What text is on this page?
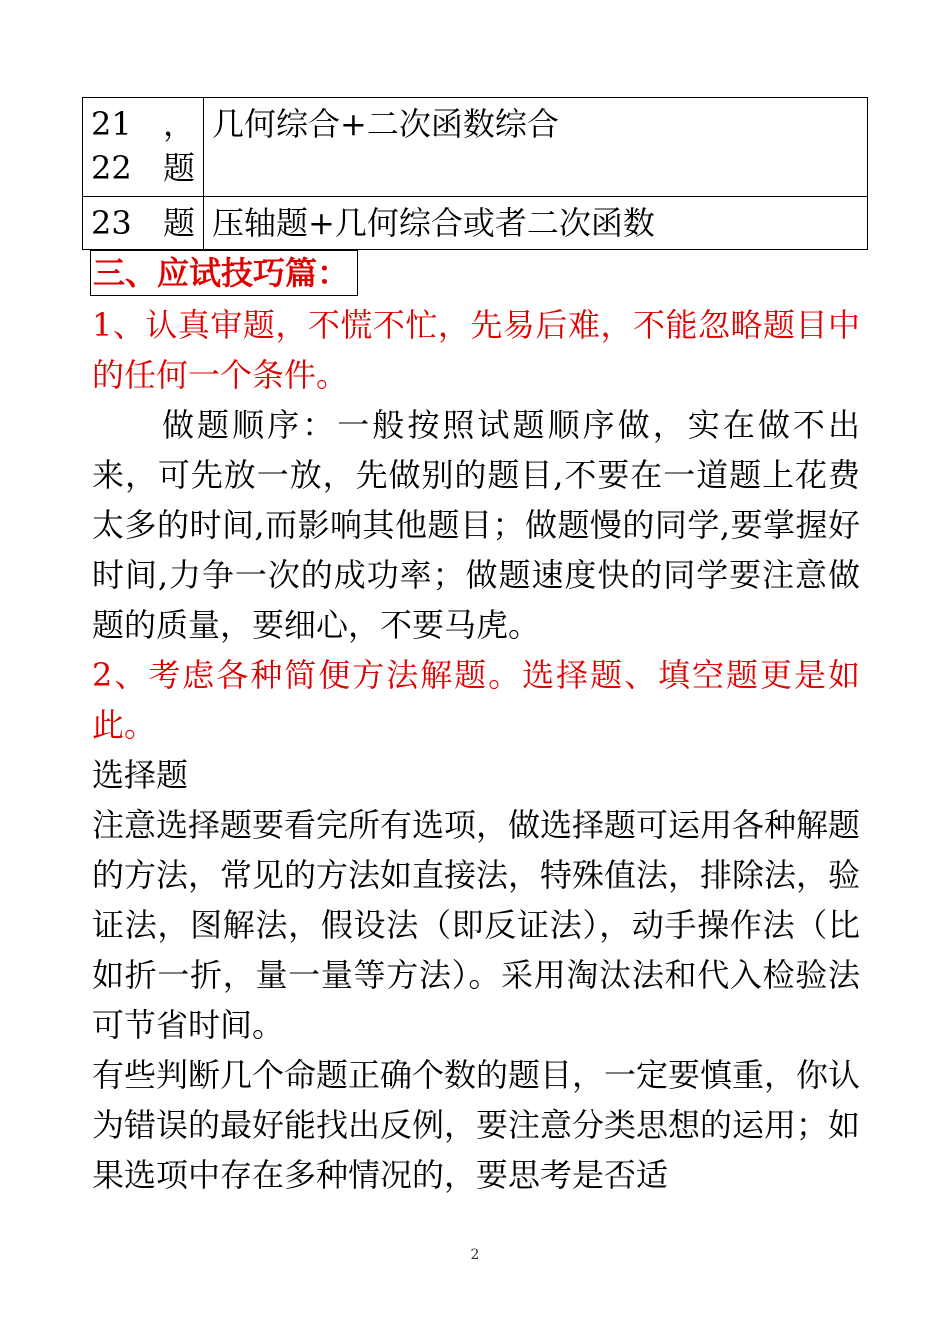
21，22题	几何综合+二次函数综合
23题	压轴题+几何综合或者二次函数
三、应试技巧篇：

1、认真审题，不慌不忙，先易后难，不能忽略题目中的任何一个条件。

做题顺序：一般按照试题顺序做，实在做不出来，可先放一放，先做别的题目,不要在一道题上花费太多的时间,而影响其他题目；做题慢的同学,要掌握好时间,力争一次的成功率；做题速度快的同学要注意做题的质量，要细心，不要马虎。

2、考虑各种简便方法解题。选择题、填空题更是如此。

选择题

注意选择题要看完所有选项，做选择题可运用各种解题的方法，常见的方法如直接法，特殊值法，排除法，验证法，图解法，假设法（即反证法），动手操作法（比如折一折，量一量等方法）。采用淘汰法和代入检验法可节省时间。

有些判断几个命题正确个数的题目，一定要慎重，你认为错误的最好能找出反例，要注意分类思想的运用；如果选项中存在多种情况的，要思考是否适

2
